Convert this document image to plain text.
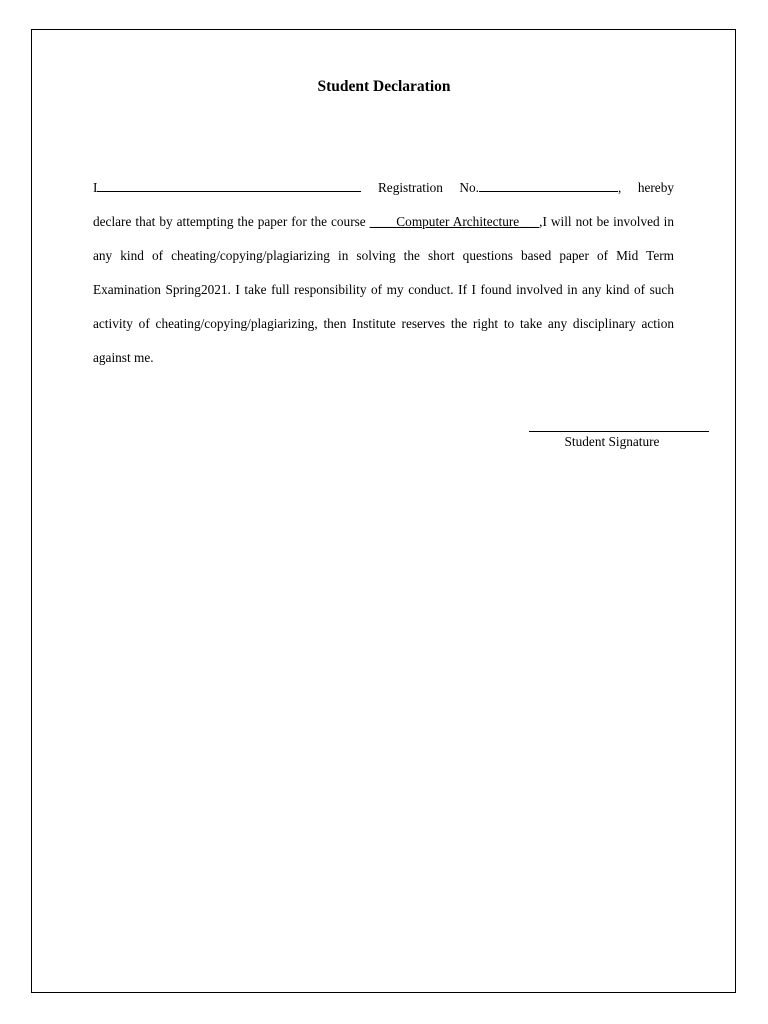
Student Declaration

I	Registration No.	, hereby declare that by attempting the paper for the course ____Computer Architecture___,I will not be involved in any kind of cheating/copying/plagiarizing in solving the short questions based paper of Mid Term Examination Spring2021. I take full responsibility of my conduct. If I found involved in any kind of such activity of cheating/copying/plagiarizing, then Institute reserves the right to take any disciplinary action against me.

Student Signature
